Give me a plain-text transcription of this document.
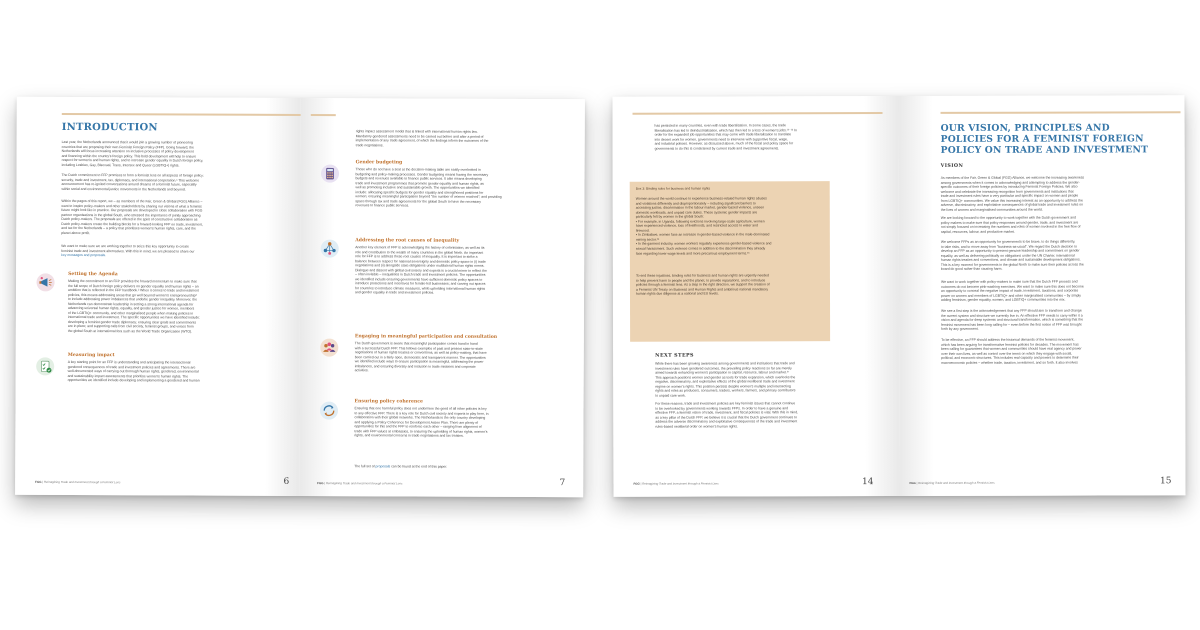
INTRODUCTION
Last year, the Netherlands announced that it would join a growing number of pioneering
countries that are proposing their own Feminist Foreign Policy (FFP). Going forward, the
Netherlands will focus increasing attention on inclusive processes of policy development
and financing within the country's foreign policy. This bold development will help to ensure
respect for women's and human rights, and to increase gender equality in Dutch foreign policy,
including Lesbian, Gay, Bisexual, Trans, Intersex and Queer (LGBTIQ+) rights.
The Dutch commitment to FFP promises to form a feminist lens on all aspects of foreign policy:
security, trade and investment, tax, diplomacy, and international cooperation.¹ This welcome
announcement has re-ignited conversations around dreams of a feminist future, especially
within social and environmental justice movements in the Netherlands and beyond.
Within the pages of this report, we – as members of the Fair, Green & Global (FGG) Alliance –
want to inspire policy-makers and other stakeholders by sharing our visions of what a feminist
future might look like in practice. Our proposals are developed in close collaboration with FGG
partner organisations in the global South, who stressed the importance of jointly approaching
Dutch policy-makers. The proposals are offered in the spirit of constructive collaboration as
Dutch policy-makers create the building blocks for a forward-looking FFP on trade, investment,
and tax for the Netherlands – a policy that prioritises women's human rights, care, and the
planet above profit.
We want to make sure we are working together to seize this key opportunity to create
feminist trade and investment alternatives. With this in mind, we are pleased to share our
key messages and proposals.
Setting the Agenda
Making the commitment to an FFP provides the forward momentum to make sure that
the full scope of Dutch foreign policy delivers on gender equality and human rights – an
ambition that is reflected in the FFP handbook.² When it comes to trade and investment
policies, this means addressing areas that go well beyond women's entrepreneurship³
to include addressing power imbalances that underlie gender inequality. Moreover, the
Netherlands can demonstrate leadership in setting a strong international agenda for
advancing universal human rights, equality, and gender justice for women, members
of the LGBTIQ+ community, and other marginalised people when making policies in
international trade and investment. The specific opportunities we have identified include:
developing a feminist gender trade diplomacy; ensuring clear goals and commitments
are in place; and supporting calls from civil society, feminist groups, and voices from
the global South at international fora such as the World Trade Organization (WTO).
Measuring impact
A key starting point for an FFP is understanding and anticipating the intersectional
gendered consequences of trade and investment policies and agreements. There are
well-documented ways of carrying out thorough human rights, gendered, environmental
and sustainability impact assessments that prioritise women's human rights. The
opportunities we identified include developing and implementing a gendered and human
FGG | Reimagining Trade and Investment through a Feminist Lens	6
rights impact assessment model that is linked with international human rights law.
Mandatory gendered assessments need to be carried out before and after a period of
implementation of any trade agreement, of which the findings inform the outcomes of the
trade negotiations.
Gender budgeting
Those who do not have a seat at the decision-making table are easily overlooked in
budgeting and policy-making processes. Gender budgeting means having the necessary
budgets and revenues available to finance public services. It also means developing
trade and investment programmes that promote gender equality and human rights, as
well as promoting inclusive and sustainable growth. The opportunities we identified
include: allocating specific budgets for gender equality and strengthened positions for
women; ensuring meaningful participation beyond "the number of women reached"; and providing
space through tax and trade agreements for the global South to have the necessary
revenues to finance public services.
Addressing the root causes of inequality
Another key element of FFP is acknowledging the history of colonisation, as well as its
role and contribution to the wealth of many countries in the global North. An important
role for FFP is to address these root causes of inequality. It is important to strike a
balance between respect for national sovereignty and domestic policy space in (i) trade
negotiations and (ii) alongside state obligations under multilateral human rights norms.
Dialogue and dissent with global civil society and experts is a crucial mirror to reflect the
– often invisible – inequalities in Dutch trade and investment policies. The opportunities
we identified include ensuring governments have sufficient domestic policy spaces to
introduce protections and incentives for female-led businesses; and carving out spaces
for countries to introduce climate measures, while upholding international human rights
and gender equality in trade and investment policies.
Engaging in meaningful participation and consultation
The Dutch government is aware that meaningful participation comes hand in hand
with a successful Dutch FFP. This follows examples of past and present state-to-state
negotiations of human rights treaties or conventions, as well as policy-making, that have
been carried out in a fairly open, democratic and transparent manner. The opportunities
we identified include ways to ensure participation is meaningful, addressing the power
imbalances, and ensuring diversity and inclusion in trade missions and corporate
activities.
Ensuring policy coherence
Ensuring that one harmful policy does not undermine the good of all other policies is key
to any effective FFP. There is a key role for Dutch civil society and experts to play here, in
collaboration with their global networks. The Netherlands is the only country developing
and applying a Policy Coherence for Development Action Plan. There are plenty of
opportunities for this and the FFP to reinforce each other – ranging from alignment of
trade with FFP values at embassies, to ensuring the upholding of human rights, women's
rights, and environmental concerns in trade negotiations and tax treaties.
The full set of proposals can be found at the end of this paper.
FGG | Reimagining Trade and Investment through a Feminist Lens	7
has persisted in many countries, even with trade liberalisation. In some cases, the trade
liberalisation has led to deindustrialisation, which has then led to a loss of women's jobs.¹²⁻¹³ In
order for the expanded job opportunities that may come with trade liberalisation to translate
into decent work for women, governments need to intervene with supportive fiscal, wage,
and industrial policies. However, as discussed above, much of the fiscal and policy space for
governments to do this is constrained by current trade and investment agreements.
Box 3: Binding rules for business and human rights
Women around the world continue to experience business-related human rights abuses
and violations differently and disproportionately – including significant barriers to
accessing justice, discrimination in the labour market, gender-based violence, unseen
domestic workloads, and unpaid care duties. These systemic gender impacts are
particularly felt by women in the global South:
• For example, in Uganda, following evictions involving large-scale agriculture, women
have experienced violence, loss of livelihoods, and restricted access to water and
firewood.
• In Zimbabwe, women face an increase in gender-based violence in the male-dominated
mining sector.²⁵
• In the garment industry, women workers regularly experience gender-based violence and
sexual harassment. Such violence comes in addition to the discrimination they already
face regarding lower wage levels and more precarious employment terms.²⁶
To end these injustices, binding rules for business and human rights are urgently needed
to help prevent harm to people and the planet, to provide reparations, and to introduce
policies through a feminist lens. As a step in the right direction, we support the creation of
a Feminist UN Treaty on Business and Human Rights and ambitious national mandatory
human rights due diligence at a national and EU levels.
NEXT STEPS
While there has been growing awareness among governments and institutions that trade and
investment rules have gendered outcomes, the prevailing policy reactions so far are merely
aimed towards enhancing women's participation in capital, resource, labour and market.²⁷
This approach positions women and gender as tools for trade expansion, which overlooks the
negative, discriminatory, and exploitative effects of the global neoliberal trade and investment
regime on women's rights. This position persists despite women's multiple and intersecting
rights and roles as producers, consumers, traders, workers, farmers, and primary contributors
to unpaid care work.
For these reasons, trade and investment policies are key feminist issues that cannot continue
to be overlooked by governments working towards FFPs. In order to have a genuine and
effective FFP, a feminist vision of trade, investment, and fiscal policies is vital. With this in mind,
as a key pillar of the Dutch FFP, we believe it is crucial that the Dutch government continues to
address the adverse discriminatory and exploitative consequences of the trade and investment
rules-based neoliberal order on women's human rights.
FGG | Reimagining Trade and Investment through a Feminist Lens	14
OUR VISION, PRINCIPLES AND POLICIES FOR A FEMINIST FOREIGN POLICY ON TRADE AND INVESTMENT
VISION
As members of the Fair, Green & Global (FGG) Alliance, we welcome the increasing awareness
among governments when it comes to acknowledging and attempting to address the gender-
specific outcomes of their foreign policies by introducing Feminist Foreign Policies. We also
welcome and celebrate the increasing recognition from governments and institutions that
trade and investment rules have a very particular and specific impact on women and people
from LGBTIQ+ communities. We value this increasing interest as an opportunity to address the
adverse, discriminatory, and exploitative consequences of global trade and investment rules on
the lives of women and marginalised communities around the world.
We are looking forward to the opportunity to work together with the Dutch government and
policy-makers to make sure that policy responses around gender, trade, and investment are
not simply focused on increasing the numbers and roles of women involved in the free flow of
capital, resources, labour, and productive market.
We welcome FFPs as an opportunity for governments to be brave, to do things differently,
to take risks, and to move away from "business-as-usual". We regard the Dutch decision to
develop an FFP as an opportunity to present genuine leadership and commitment on gender
equality, as well as delivering politically on obligations under the UN Charter, international
human rights treaties and conventions, and climate and sustainable development obligations.
This is a key moment for governments in the global North to make sure their policies across the
board do good rather than causing harm.
We want to work together with policy-makers to make sure that the Dutch FFP process and
outcomes do not become pink-washing exercises. We want to make sure this does not become
an opportunity to conceal the negative impact of trade, investment, taxations, and corporate
power on women and members of LGBTIQ+ and other marginalised communities – by simply
adding feminism, gender equality, women, and LGBTIQ+ communities into the mix.
We see a first step is the acknowledgement that any FFP should aim to transform and change
the current system and structure we currently live in. An effective FFP needs to carry within it a
vision and agenda for deep systemic and structural transformation, which is something that the
feminist movement has been long calling for – even before the first notion of FFP was brought
forth by any government.
To be effective, an FFP should address the historical demands of the feminist movement,
which has been arguing for transformative feminist policies for decades. The movement has
been calling for guarantees that women and communities should have real agency and power
over their own lives, as well as control over the terms on which they engage with social,
political, and economic structures. This includes real capacity and powers to determine their
macroeconomic policies – whether trade, taxation, investment, and so forth. It also involves
FGG | Reimagining Trade and Investment through a Feminist Lens	15
